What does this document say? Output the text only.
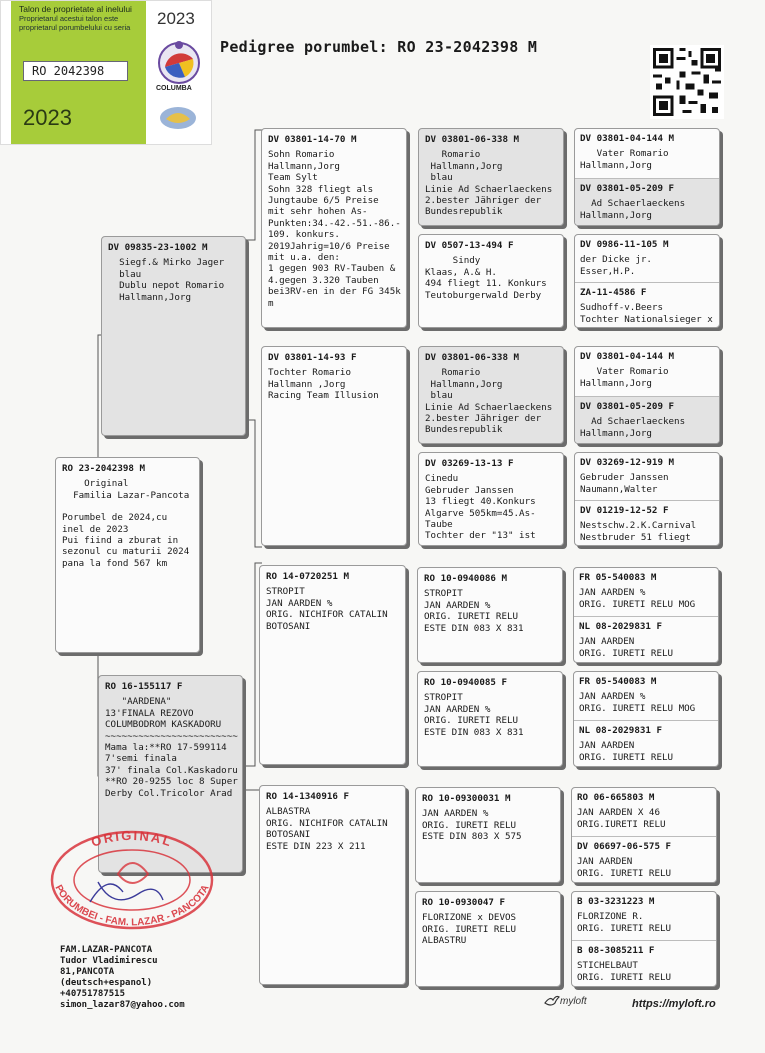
Talon de proprietate al inelului
Proprietarul acestui talon este
proprietarul porumbelului cu seria
RO 2042398
2023
2023
COLUMBA
Pedigree porumbel: RO 23-2042398 M
RO 23-2042398 M
Original
Familia Lazar-Pancota
Porumbel de 2024,cu
inel de 2023
Pui fiind a zburat in
sezonul cu maturii 2024
pana la fond 567 km
DV 09835-23-1002 M
Siegf.& Mirko Jager
blau
Dublu nepot Romario
Hallmann,Jorg
RO 16-155117 F
"AARDENA"
13'FINALA REZOVO
COLUMBODROM KASKADORU
~~~~~~~~~~~~~~~~~~~~~~~~
Mama la:**RO 17-599114
7'semi finala
37' finala Col.Kaskadoru
**RO 20-9255 loc 8 Super
Derby Col.Tricolor Arad
DV 03801-14-70 M
Sohn Romario
Hallmann,Jorg
Team Sylt
Sohn 328 fliegt als
Jungtaube 6/5 Preise
mit sehr hohen As-
Punkten:34.-42.-51.-86.-
109. konkurs.
2019Jahrig=10/6 Preise
mit u.a. den:
1 gegen 903 RV-Tauben &
4.gegen 3.320 Tauben
bei3RV-en in der FG 345k
m
DV 03801-14-93 F
Tochter Romario
Hallmann ,Jorg
Racing Team Illusion
RO 14-0720251 M
STROPIT
JAN AARDEN %
ORIG. NICHIFOR CATALIN
BOTOSANI
RO 14-1340916 F
ALBASTRA
ORIG. NICHIFOR CATALIN
BOTOSANI
ESTE DIN 223 X 211
DV 03801-06-338 M
Romario
Hallmann,Jorg
blau
Linie Ad Schaerlaeckens
2.bester Jähriger der
Bundesrepublik
DV 0507-13-494 F
Sindy
Klaas, A.& H.
494 fliegt 11. Konkurs
Teutoburgerwald Derby
DV 03801-06-338 M
Romario
Hallmann,Jorg
blau
Linie Ad Schaerlaeckens
2.bester Jähriger der
Bundesrepublik
DV 03269-13-13 F
Cinedu
Gebruder Janssen
13 fliegt 40.Konkurs
Algarve 505km=45.As-
Taube
Tochter der "13" ist
RO 10-0940086 M
STROPIT
JAN AARDEN %
ORIG. IURETI RELU
ESTE DIN 083 X 831
RO 10-0940085 F
STROPIT
JAN AARDEN %
ORIG. IURETI RELU
ESTE DIN 083 X 831
RO 10-09300031 M
JAN AARDEN %
ORIG. IURETI RELU
ESTE DIN 803 X 575
RO 10-0930047 F
FLORIZONE x DEVOS
ORIG. IURETI RELU
ALBASTRU
DV 03801-04-144 M
Vater Romario
Hallmann,Jorg
DV 03801-05-209 F
Ad Schaerlaeckens
Hallmann,Jorg
DV 0986-11-105 M
der Dicke jr.
Esser,H.P.
ZA-11-4586 F
Sudhoff-v.Beers
Tochter Nationalsieger x
DV 03801-04-144 M
Vater Romario
Hallmann,Jorg
DV 03801-05-209 F
Ad Schaerlaeckens
Hallmann,Jorg
DV 03269-12-919 M
Gebruder Janssen
Naumann,Walter
DV 01219-12-52 F
Nestschw.2.K.Carnival
Nestbruder 51 fliegt
FR 05-540083 M
JAN AARDEN %
ORIG. IURETI RELU MOG
NL 08-2029831 F
JAN AARDEN
ORIG. IURETI RELU
FR 05-540083 M
JAN AARDEN %
ORIG. IURETI RELU MOG
NL 08-2029831 F
JAN AARDEN
ORIG. IURETI RELU
RO 06-665803 M
JAN AARDEN X 46
ORIG.IURETI RELU
DV 06697-06-575 F
JAN AARDEN
ORIG. IURETI RELU
B 03-3231223 M
FLORIZONE R.
ORIG. IURETI RELU
B 08-3085211 F
STICHELBAUT
ORIG. IURETI RELU
ORIGINAL
PORUMBEI - FAM. LAZAR - PANCOTA
FAM.LAZAR-PANCOTA
Tudor Vladimirescu
81,PANCOTA
(deutsch+espanol)
+40751787515
simon_lazar87@yahoo.com	myloft	https://myloft.ro
